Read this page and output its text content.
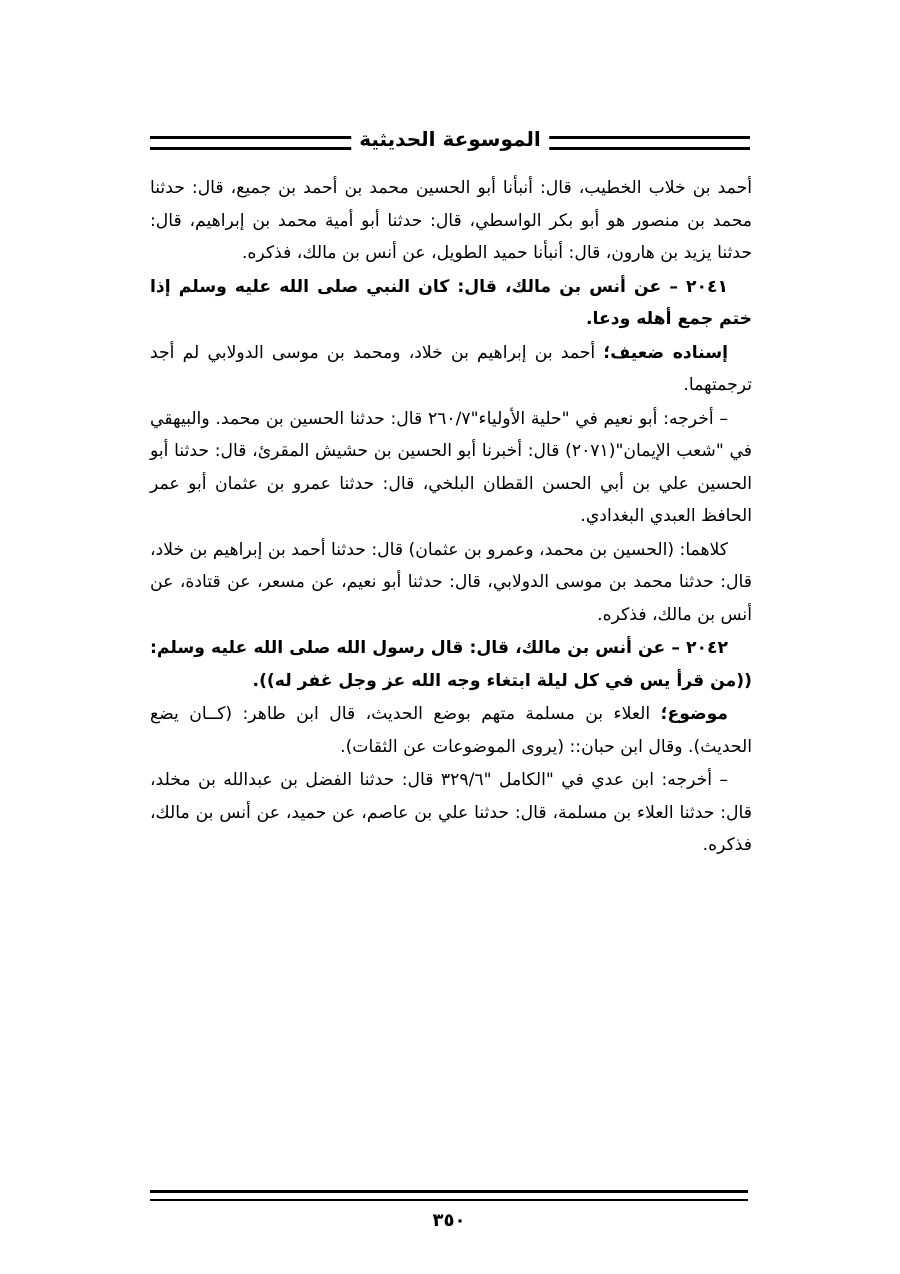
الموسوعة الحديثية

أحمد بن خلاب الخطيب، قال: أنبأنا أبو الحسين محمد بن أحمد بن جميع، قال: حدثنا محمد بن منصور هو أبو بكر الواسطي، قال: حدثنا أبو أمية محمد بن إبراهيم، قال: حدثنا يزيد بن هارون، قال: أنبأنا حميد الطويل، عن أنس بن مالك، فذكره.

٢٠٤١ – عن أنس بن مالك، قال: كان النبي صلى الله عليه وسلم إذا ختم جمع أهله ودعا.

إسناده ضعيف؛ أحمد بن إبراهيم بن خلاد، ومحمد بن موسى الدولابي لم أجد ترجمتهما.

– أخرجه: أبو نعيم في "حلية الأولياء"٢٦٠/٧ قال: حدثنا الحسين بن محمد. والبيهقي في "شعب الإيمان"(٢٠٧١) قال: أخبرنا أبو الحسين بن حشيش المقرئ، قال: حدثنا أبو الحسين علي بن أبي الحسن القطان البلخي، قال: حدثنا عمرو بن عثمان أبو عمر الحافظ العبدي البغدادي.

كلاهما: (الحسين بن محمد، وعمرو بن عثمان) قال: حدثنا أحمد بن إبراهيم بن خلاد، قال: حدثنا محمد بن موسى الدولابي، قال: حدثنا أبو نعيم، عن مسعر، عن قتادة، عن أنس بن مالك، فذكره.

٢٠٤٢ – عن أنس بن مالك، قال: قال رسول الله صلى الله عليه وسلم: ((من قرأ يس في كل ليلة ابتغاء وجه الله عز وجل غفر له)).

موضوع؛ العلاء بن مسلمة متهم بوضع الحديث، قال ابن طاهر: (كــان يضع الحديث). وقال ابن حبان:: (يروى الموضوعات عن الثقات).

– أخرجه: ابن عدي في "الكامل "٣٢٩/٦ قال: حدثنا الفضل بن عبدالله بن مخلد، قال: حدثنا العلاء بن مسلمة، قال: حدثنا علي بن عاصم، عن حميد، عن أنس بن مالك، فذكره.

٣٥٠
